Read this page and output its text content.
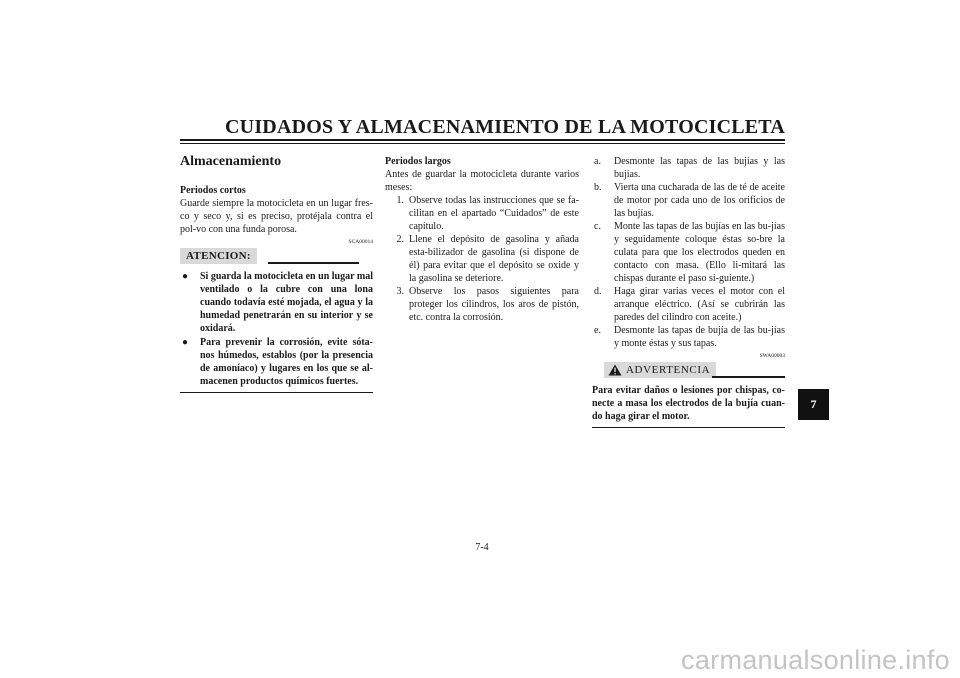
CUIDADOS Y ALMACENAMIENTO DE LA MOTOCICLETA
Almacenamiento
Periodos cortos

Guarde siempre la motocicleta en un lugar fres-co y seco y, si es preciso, protéjala contra el pol-vo con una funda porosa.

SCA00014
ATENCION:
●	Si guarda la motocicleta en un lugar mal ventilado o la cubre con una lona cuando todavía esté mojada, el agua y la humedad penetrarán en su interior y se oxidará.
●	Para prevenir la corrosión, evite sóta-nos húmedos, establos (por la presencia de amoníaco) y lugares en los que se al-macenen productos químicos fuertes.
Periodos largos

Antes de guardar la motocicleta durante varios meses:

1. Observe todas las instrucciones que se fa-cilitan en el apartado “Cuidados” de este capítulo.
2. Llene el depósito de gasolina y añada esta-bilizador de gasolina (si dispone de él) para evitar que el depósito se oxide y la gasolina se deteriore.
3. Observe los pasos siguientes para proteger los cilindros, los aros de pistón, etc. contra la corrosión.
a.	Desmonte las tapas de las bujías y las bujías.
b.	Vierta una cucharada de las de té de aceite de motor por cada uno de los orificios de las bujías.
c.	Monte las tapas de las bujías en las bu-jías y seguidamente coloque éstas so-bre la culata para que los electrodos queden en contacto con masa. (Ello li-mitará las chispas durante el paso si-guiente.)
d.	Haga girar varias veces el motor con el arranque eléctrico. (Así se cubrirán las paredes del cilindro con aceite.)
e.	Desmonte las tapas de bujía de las bu-jías y monte éstas y sus tapas.
SWA00003
ADVERTENCIA
Para evitar daños o lesiones por chispas, co-necte a masa los electrodos de la bujía cuan-do haga girar el motor.
7
7-4
carmanualsonline.info
